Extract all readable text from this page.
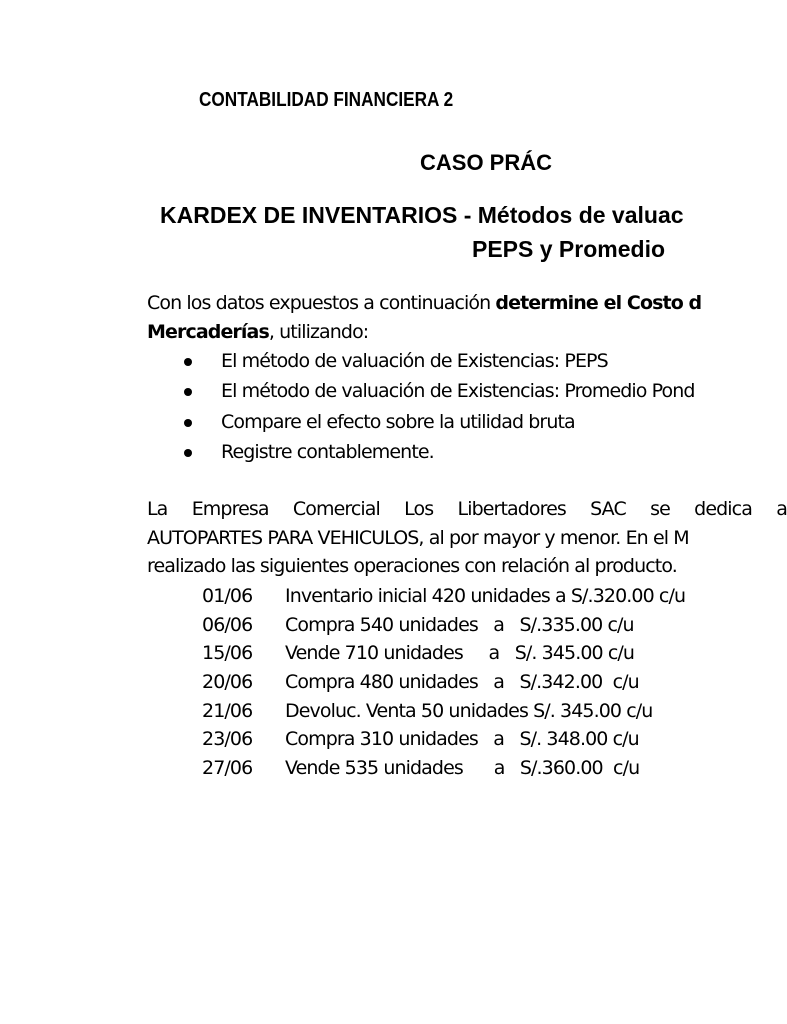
CONTABILIDAD FINANCIERA 2
CASO PRÁC
KARDEX DE INVENTARIOS - Métodos de valuac
PEPS y Promedio
Con los datos expuestos a continuación determine el Costo d
Mercaderías, utilizando:
El método de valuación de Existencias: PEPS
El método de valuación de Existencias: Promedio Pond
Compare el efecto sobre la utilidad bruta
Registre contablemente.
La Empresa Comercial Los Libertadores SAC se dedica a
AUTOPARTES PARA VEHICULOS, al por mayor y menor. En el M
realizado las siguientes operaciones con relación al producto.
01/06 Inventario inicial 420 unidades a S/.320.00 c/u
06/06 Compra 540 unidades   a   S/.335.00 c/u
15/06 Vende 710 unidades     a   S/. 345.00 c/u
20/06 Compra 480 unidades   a   S/.342.00  c/u
21/06 Devoluc. Venta 50 unidades S/. 345.00 c/u
23/06 Compra 310 unidades   a   S/. 348.00 c/u
27/06 Vende 535 unidades      a   S/.360.00  c/u
